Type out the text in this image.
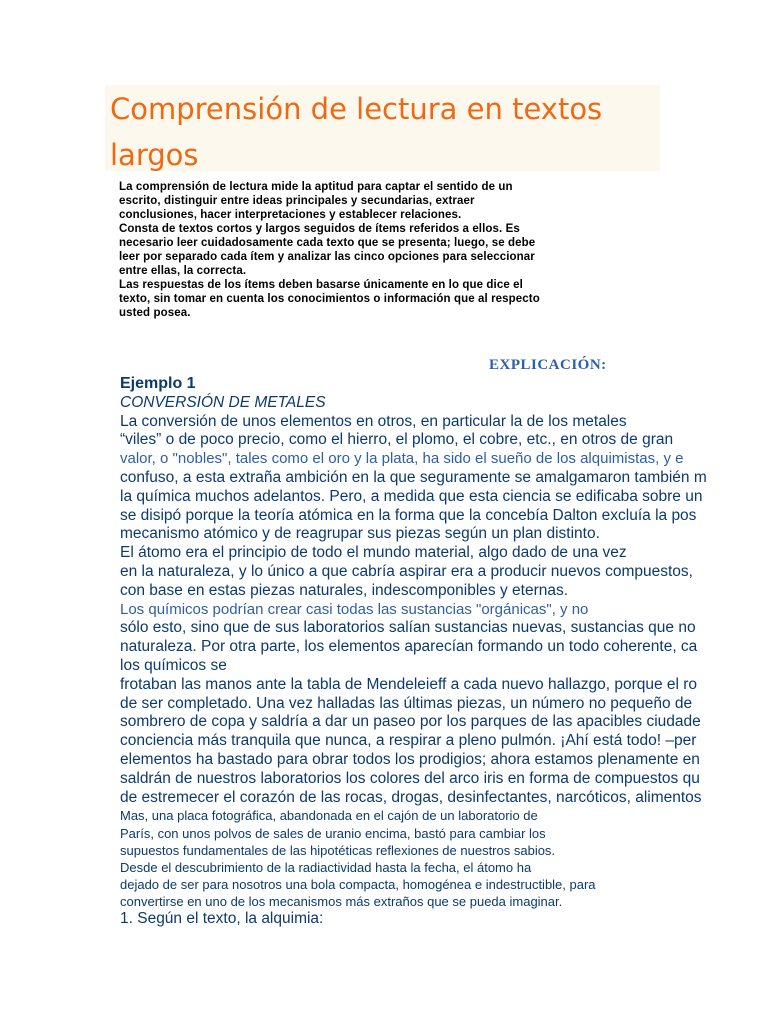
Comprensión de lectura en textos largos

La comprensión de lectura mide la aptitud para captar el sentido de un

escrito, distinguir entre ideas principales y secundarias, extraer

conclusiones, hacer interpretaciones y establecer relaciones.

Consta de textos cortos y largos seguidos de ítems referidos a ellos. Es

necesario leer cuidadosamente cada texto que se presenta; luego, se debe

leer por separado cada ítem y analizar las cinco opciones para seleccionar

entre ellas, la correcta.

Las respuestas de los ítems deben basarse únicamente en lo que dice el

texto, sin tomar en cuenta los conocimientos o información que al respecto

usted posea.

EXPLICACIÓN:
Ejemplo 1
CONVERSIÓN DE METALES
La conversión de unos elementos en otros, en particular la de los metales
“viles” o de poco precio, como el hierro, el plomo, el cobre, etc., en otros de gran
valor, o "nobles", tales como el oro y la plata, ha sido el sueño de los alquimistas, y e
confuso, a esta extraña ambición en la que seguramente se amalgamaron también m
la química muchos adelantos. Pero, a medida que esta ciencia se edificaba sobre un
se disipó porque la teoría atómica en la forma que la concebía Dalton excluía la pos
mecanismo atómico y de reagrupar sus piezas según un plan distinto.
El átomo era el principio de todo el mundo material, algo dado de una vez
en la naturaleza, y lo único a que cabría aspirar era a producir nuevos compuestos,
con base en estas piezas naturales, indescomponibles y eternas.
Los químicos podrían crear casi todas las sustancias "orgánicas", y no
sólo esto, sino que de sus laboratorios salían sustancias nuevas, sustancias que no
naturaleza. Por otra parte, los elementos aparecían formando un todo coherente, ca
los químicos se
frotaban las manos ante la tabla de Mendeleieff a cada nuevo hallazgo, porque el ro
de ser completado. Una vez halladas las últimas piezas, un número no pequeño de
sombrero de copa y saldría a dar un paseo por los parques de las apacibles ciudade
conciencia más tranquila que nunca, a respirar a pleno pulmón. ¡Ahí está todo! –per
elementos ha bastado para obrar todos los prodigios; ahora estamos plenamente en
saldrán de nuestros laboratorios los colores del arco iris en forma de compuestos qu
de estremecer el corazón de las rocas, drogas, desinfectantes, narcóticos, alimentos
Mas, una placa fotográfica, abandonada en el cajón de un laboratorio de
París, con unos polvos de sales de uranio encima, bastó para cambiar los
supuestos fundamentales de las hipotéticas reflexiones de nuestros sabios.
Desde el descubrimiento de la radiactividad hasta la fecha, el átomo ha
dejado de ser para nosotros una bola compacta, homogénea e indestructible, para
convertirse en uno de los mecanismos más extraños que se pueda imaginar.
1. Según el texto, la alquimia:
